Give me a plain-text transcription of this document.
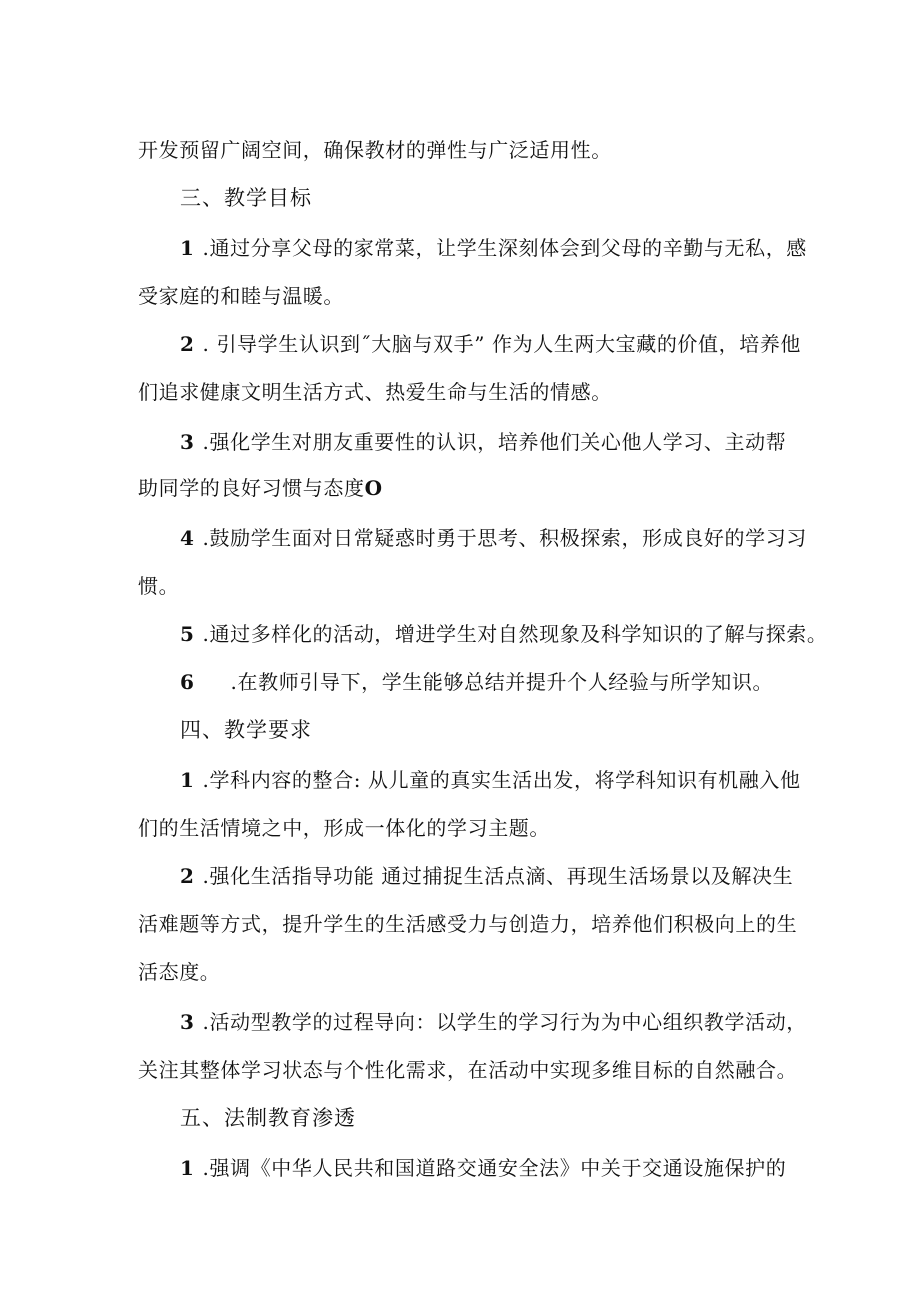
开发预留广阔空间，确保教材的弹性与广泛适用性。
三、教学目标
1 .通过分享父母的家常菜，让学生深刻体会到父母的辛勤与无私，感
受家庭的和睦与温暖。
2 . 引导学生认识到˝大脑与双手” 作为人生两大宝藏的价值，培养他
们追求健康文明生活方式、热爱生命与生活的情感。
3 .强化学生对朋友重要性的认识，培养他们关心他人学习、主动帮
助同学的良好习惯与态度O
4 .鼓励学生面对日常疑惑时勇于思考、积极探索，形成良好的学习习
惯。
5 .通过多样化的活动，增进学生对自然现象及科学知识的了解与探索。
6 .在教师引导下，学生能够总结并提升个人经验与所学知识。
四、教学要求
1 .学科内容的整合: 从儿童的真实生活出发，将学科知识有机融入他
们的生活情境之中，形成一体化的学习主题。
2 .强化生活指导功能 通过捕捉生活点滴、再现生活场景以及解决生
活难题等方式，提升学生的生活感受力与创造力，培养他们积极向上的生
活态度。
3 .活动型教学的过程导向：以学生的学习行为为中心组织教学活动，
关注其整体学习状态与个性化需求，在活动中实现多维目标的自然融合。
五、法制教育渗透
1 .强调《中华人民共和国道路交通安全法》中关于交通设施保护的
